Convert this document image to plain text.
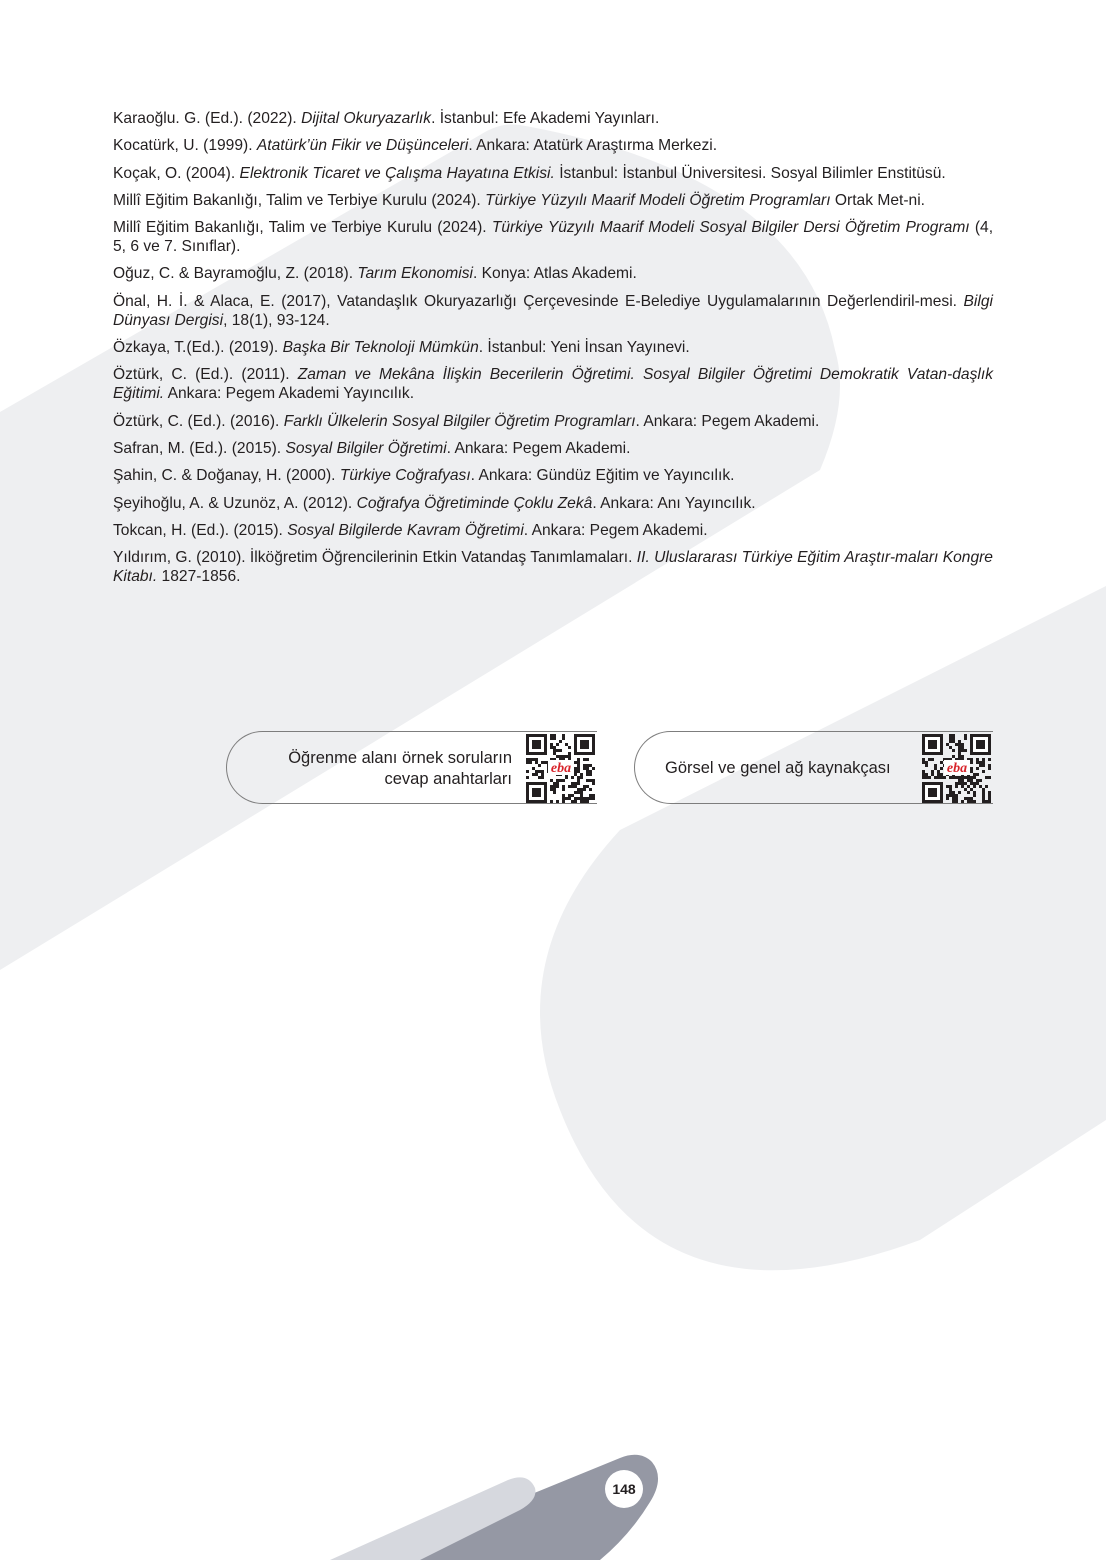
Karaoğlu. G. (Ed.). (2022). Dijital Okuryazarlık. İstanbul: Efe Akademi Yayınları.

Kocatürk, U. (1999). Atatürk’ün Fikir ve Düşünceleri. Ankara: Atatürk Araştırma Merkezi.

Koçak, O. (2004). Elektronik Ticaret ve Çalışma Hayatına Etkisi. İstanbul: İstanbul Üniversitesi. Sosyal Bilimler Enstitüsü.

Millî Eğitim Bakanlığı, Talim ve Terbiye Kurulu (2024). Türkiye Yüzyılı Maarif Modeli Öğretim Programları Ortak Met-ni.

Millî Eğitim Bakanlığı, Talim ve Terbiye Kurulu (2024). Türkiye Yüzyılı Maarif Modeli Sosyal Bilgiler Dersi Öğretim Programı (4, 5, 6 ve 7. Sınıflar).

Oğuz, C. & Bayramoğlu, Z. (2018). Tarım Ekonomisi. Konya: Atlas Akademi.

Önal, H. İ. & Alaca, E. (2017), Vatandaşlık Okuryazarlığı Çerçevesinde E-Belediye Uygulamalarının Değerlendiril-mesi. Bilgi Dünyası Dergisi, 18(1), 93-124.

Özkaya, T.(Ed.). (2019). Başka Bir Teknoloji Mümkün. İstanbul: Yeni İnsan Yayınevi.

Öztürk, C. (Ed.). (2011). Zaman ve Mekâna İlişkin Becerilerin Öğretimi. Sosyal Bilgiler Öğretimi Demokratik Vatan-daşlık Eğitimi. Ankara: Pegem Akademi Yayıncılık.

Öztürk, C. (Ed.). (2016). Farklı Ülkelerin Sosyal Bilgiler Öğretim Programları. Ankara: Pegem Akademi.

Safran, M. (Ed.). (2015). Sosyal Bilgiler Öğretimi. Ankara: Pegem Akademi.

Şahin, C. & Doğanay, H. (2000). Türkiye Coğrafyası. Ankara: Gündüz Eğitim ve Yayıncılık.

Şeyihoğlu, A. & Uzunöz, A. (2012). Coğrafya Öğretiminde Çoklu Zekâ. Ankara: Anı Yayıncılık.

Tokcan, H. (Ed.). (2015). Sosyal Bilgilerde Kavram Öğretimi. Ankara: Pegem Akademi.

Yıldırım, G. (2010). İlköğretim Öğrencilerinin Etkin Vatandaş Tanımlamaları. II. Uluslararası Türkiye Eğitim Araştır-maları Kongre Kitabı. 1827-1856.

Öğrenme alanı örnek soruların
cevap anahtarları
eba	Görsel ve genel ağ kaynakçası	eba
148
